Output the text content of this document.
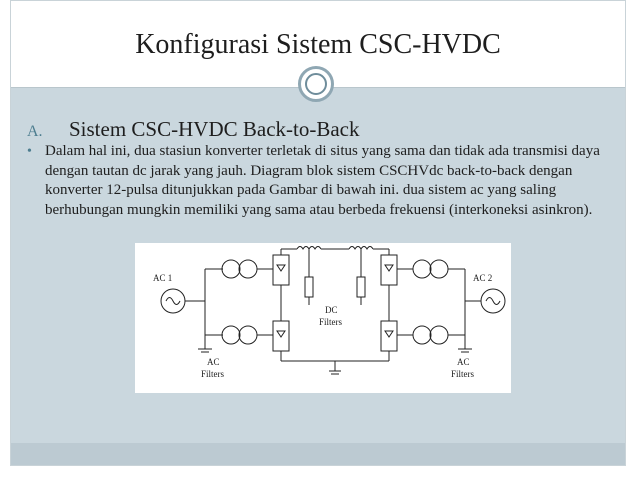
Konfigurasi Sistem CSC-HVDC
A.	Sistem CSC-HVDC Back-to-Back
• Dalam hal ini, dua stasiun konverter terletak di situs yang sama dan tidak ada transmisi daya dengan tautan dc jarak yang jauh. Diagram blok sistem CSCHVdc back-to-back dengan konverter 12-pulsa ditunjukkan pada Gambar di bawah ini. dua sistem ac yang saling berhubungan mungkin memiliki yang sama atau berbeda frekuensi (interkoneksi asinkron).
AC 1	AC 2
DC
Filters
AC
Filters
AC
Filters
